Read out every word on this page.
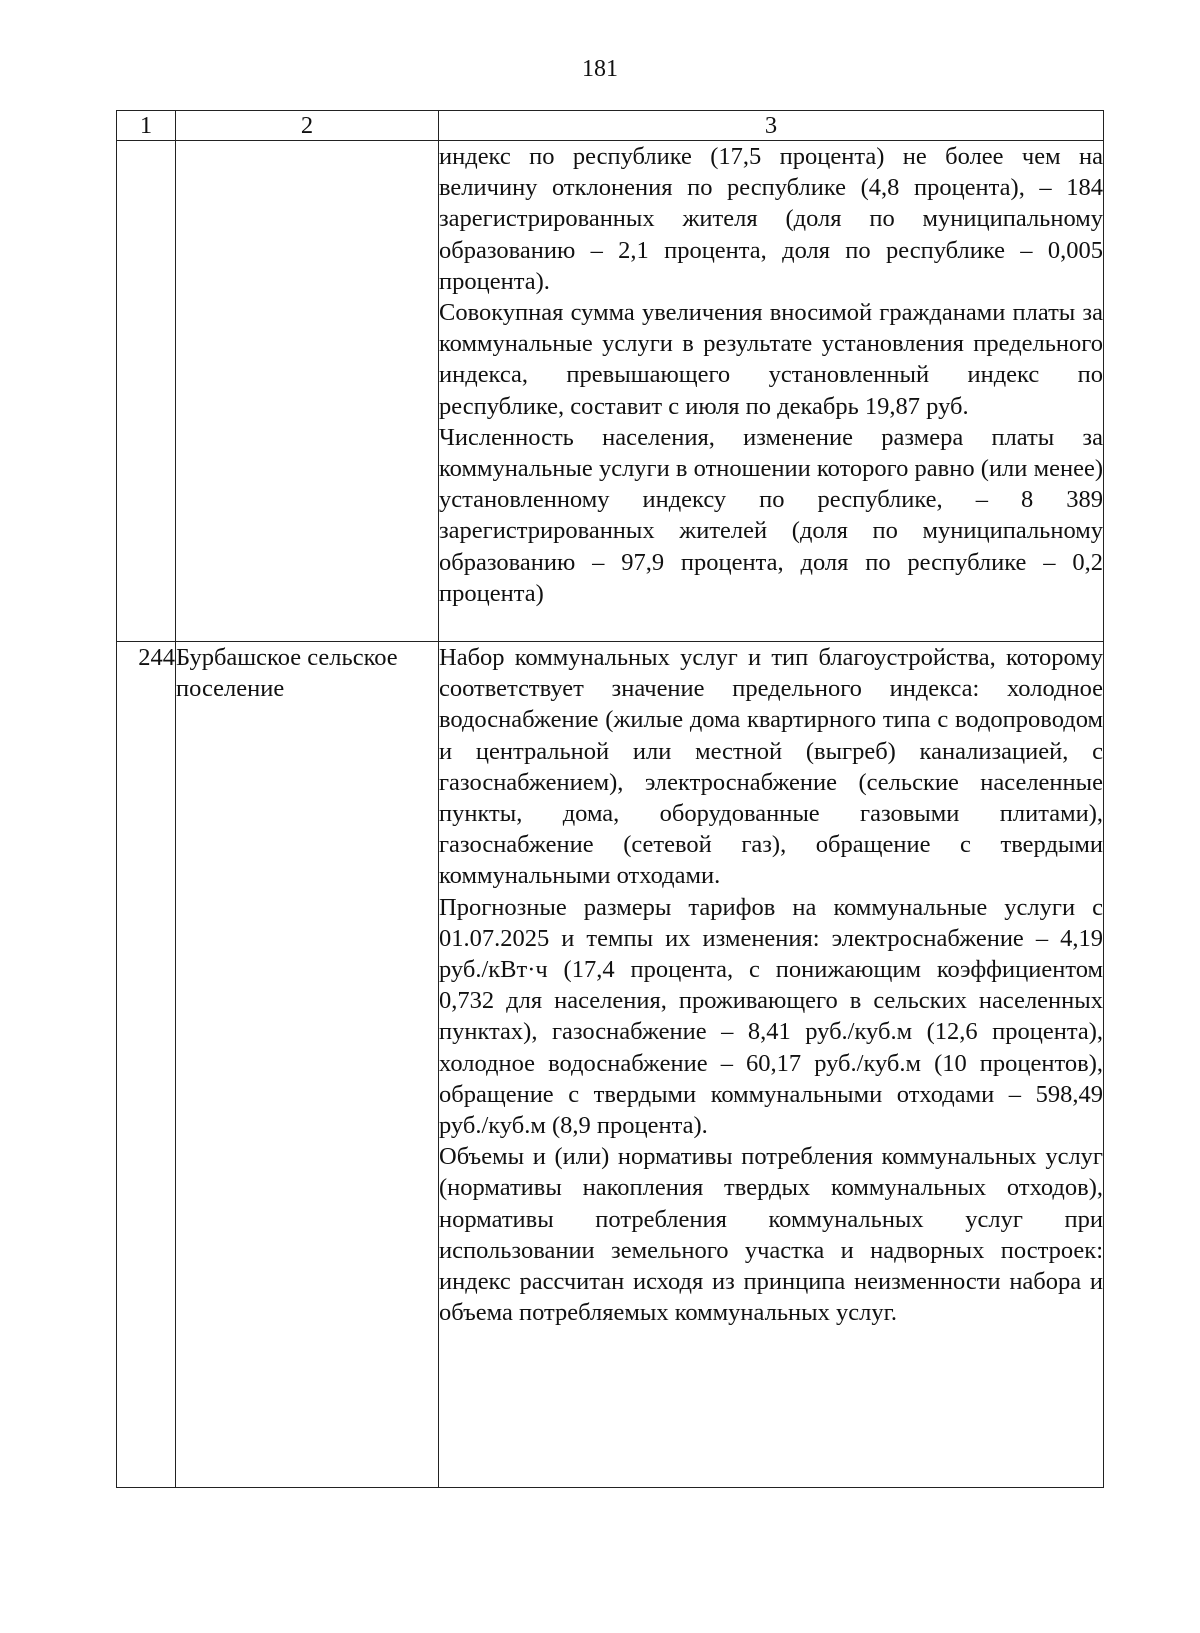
181
1	2	3

		индекс по республике (17,5 процента) не более чем на величину отклонения по республике (4,8 процента), – 184 зарегистрированных жителя (доля по муниципальному образованию – 2,1 процента, доля по республике – 0,005 процента).

Совокупная сумма увеличения вносимой гражданами платы за коммунальные услуги в результате установления предельного индекса, превышающего установленный индекс по республике, составит с июля по декабрь 19,87 руб.

Численность населения, изменение размера платы за коммунальные услуги в отношении которого равно (или менее) установленному индексу по республике, – 8 389 зарегистрированных жителей (доля по муниципальному образованию – 97,9 процента, доля по республике – 0,2 процента)

244	Бурбашское сельское поселение	Набор коммунальных услуг и тип благоустройства, которому соответствует значение предельного индекса: холодное водоснабжение (жилые дома квартирного типа с водопроводом и центральной или местной (выгреб) канализацией, с газоснабжением), электроснабжение (сельские населенные пункты, дома, оборудованные газовыми плитами), газоснабжение (сетевой газ), обращение с твердыми коммунальными отходами.

Прогнозные размеры тарифов на коммунальные услуги с 01.07.2025 и темпы их изменения: электроснабжение – 4,19 руб./кВт·ч (17,4 процента, с понижающим коэффициентом 0,732 для населения, проживающего в сельских населенных пунктах), газоснабжение – 8,41 руб./куб.м (12,6 процента), холодное водоснабжение – 60,17 руб./куб.м (10 процентов), обращение с твердыми коммунальными отходами – 598,49 руб./куб.м (8,9 процента).

Объемы и (или) нормативы потребления коммунальных услуг (нормативы накопления твердых коммунальных отходов), нормативы потребления коммунальных услуг при использовании земельного участка и надворных построек: индекс рассчитан исходя из принципа неизменности набора и объема потребляемых коммунальных услуг.
